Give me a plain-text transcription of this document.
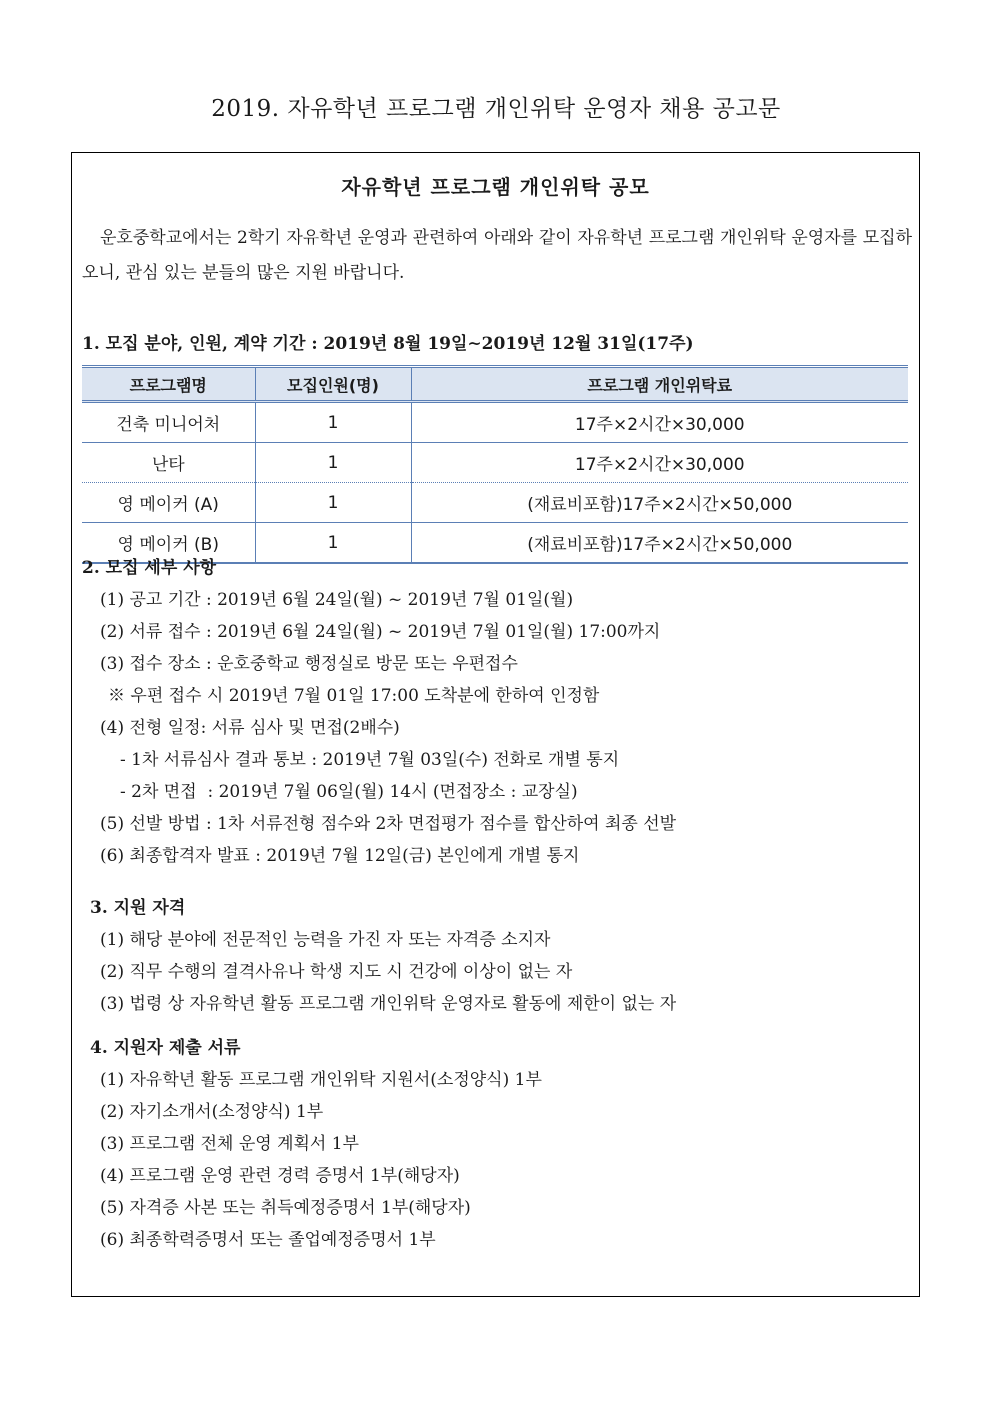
2019. 자유학년 프로그램 개인위탁 운영자 채용 공고문
자유학년 프로그램 개인위탁 공모
운호중학교에서는 2학기 자유학년 운영과 관련하여 아래와 같이 자유학년 프로그램 개인위탁 운영자를 모집하오니, 관심 있는 분들의 많은 지원 바랍니다.
1. 모집 분야, 인원, 계약 기간 : 2019년 8월 19일∼2019년 12월 31일(17주)
프로그램명	모집인원(명)	프로그램 개인위탁료
건축 미니어처	1	17주×2시간×30,000
난타	1	17주×2시간×30,000
영 메이커 (A)	1	(재료비포함)17주×2시간×50,000
영 메이커 (B)	1	(재료비포함)17주×2시간×50,000
2. 모집 세부 사항
(1) 공고 기간 : 2019년 6월 24일(월) ~ 2019년 7월 01일(월)
(2) 서류 접수 : 2019년 6월 24일(월) ~ 2019년 7월 01일(월) 17:00까지
(3) 접수 장소 : 운호중학교 행정실로 방문 또는 우편접수
※ 우편 접수 시 2019년 7월 01일 17:00 도착분에 한하여 인정함
(4) 전형 일정: 서류 심사 및 면접(2배수)
- 1차 서류심사 결과 통보 : 2019년 7월 03일(수) 전화로 개별 통지
- 2차 면접  : 2019년 7월 06일(월) 14시 (면접장소 : 교장실)
(5) 선발 방법 : 1차 서류전형 점수와 2차 면접평가 점수를 합산하여 최종 선발
(6) 최종합격자 발표 : 2019년 7월 12일(금) 본인에게 개별 통지
3. 지원 자격
(1) 해당 분야에 전문적인 능력을 가진 자 또는 자격증 소지자
(2) 직무 수행의 결격사유나 학생 지도 시 건강에 이상이 없는 자
(3) 법령 상 자유학년 활동 프로그램 개인위탁 운영자로 활동에 제한이 없는 자
4. 지원자 제출 서류
(1) 자유학년 활동 프로그램 개인위탁 지원서(소정양식) 1부
(2) 자기소개서(소정양식) 1부
(3) 프로그램 전체 운영 계획서 1부
(4) 프로그램 운영 관련 경력 증명서 1부(해당자)
(5) 자격증 사본 또는 취득예정증명서 1부(해당자)
(6) 최종학력증명서 또는 졸업예정증명서 1부
